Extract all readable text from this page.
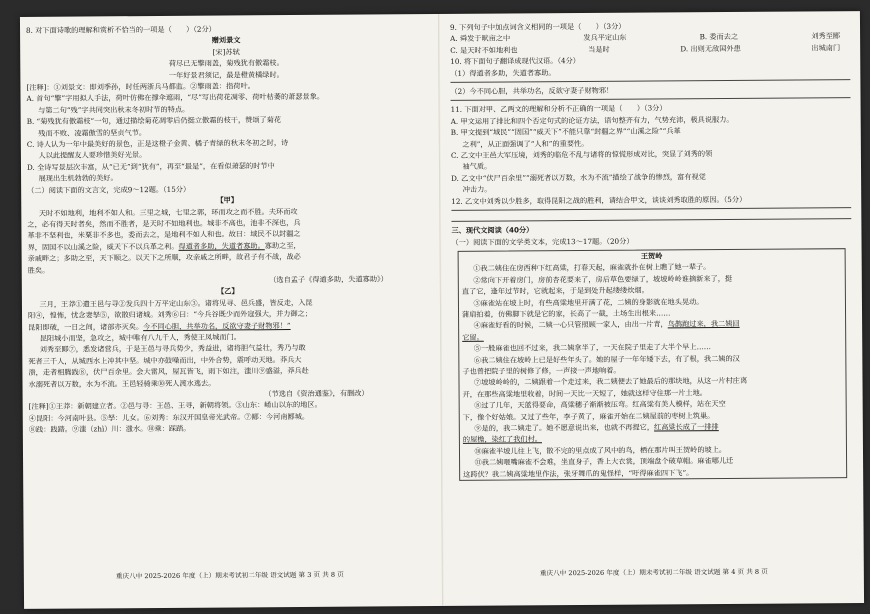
8. 对下面诗歌的理解和赏析不恰当的一项是（　　）（2分）

赠刘景文

[宋]苏轼

荷尽已无擎雨盖，菊残犹有傲霜枝。

一年好景君须记，最是橙黄橘绿时。

[注释]：①刘景文：即刘季孙，时任两浙兵马都监。②擎雨盖：指荷叶。

A. 首句“擎”字用拟人手法，荷叶仿佛在撑伞遮雨，“尽”写出荷花凋零、荷叶枯萎的萧瑟景象。

与第二句“残”字共同突出秋末冬初时节的特点。

B. “菊残犹有傲霜枝”一句，通过描绘菊花凋零后仍挺立傲霜的枝干，赞颂了菊花

残而不败、凌霜傲雪的坚贞气节。

C. 诗人认为一年中最美好的景色，正是这橙子金黄、橘子青绿的秋末冬初之时，诗

人以此提醒友人要珍惜美好光景。

D. 全诗写景层次丰富，从“已无”到“犹有”，再至“最是”，在看似萧瑟的时节中

展现出生机勃勃的美好。

（二）阅读下面的文言文，完成9～12题。（15分）

【甲】

天时不如地利，地利不如人和。三里之城，七里之郭，环而攻之而不胜。夫环而攻

之，必有得天时者矣，然而不胜者，是天时不如地利也。城非不高也，池非不深也，兵

革非不坚利也，米粟非不多也，委而去之，是地利不如人和也。故曰：域民不以封疆之

界，固国不以山溪之险，威天下不以兵革之利。得道者多助，失道者寡助。寡助之至，

亲戚畔之；多助之至，天下顺之。以天下之所顺，攻亲戚之所畔，故君子有不战，战必

胜矣。

（选自孟子《得道多助，失道寡助》）

【乙】

三月，王莽①遣王邑与寻②发兵四十万平定山东③。诸将见寻、邑兵盛，皆反走，入昆

阳④，惶怖，忧念妻孥⑤，欲散归诸城。刘秀⑥曰：“今兵谷既少而外寇强大，并力御之；

昆阳即破，一日之间，诸部亦灭矣。今不同心胆，共举功名，反欲守妻子财物邪！”

昆阳城小而坚，急攻之，城中唯有八九千人，秀使王凤城而门。

刘秀至郾⑦，悉发诸营兵，于是王邑与寻兵势少，秀益进，诸将胆气益壮，秀乃与敢

死者三千人，从城西水上冲其中坚。城中亦鼓噪而出，中外合势，震呼动天地。莽兵大

溃，走者相腾践⑧，伏尸百余里。会大雷风，屋瓦皆飞，雨下如注，滍川⑨盛溢，莽兵赴

水溺死者以万数，水为不流。王邑轻骑乘⑩死人渡水逃去。

（节选自《资治通鉴》，有删改）

[注释]①王莽：新朝建立者。②邑与寻：王邑、王寻，新朝将领。③山东：崤山以东的地区。

④昆阳：今河南叶县。⑤孥：儿女。⑥刘秀：东汉开国皇帝光武帝。⑦郾：今河南郾城。

⑧践：践踏。⑨滍（zhì）川：滍水。⑩乘：踩踏。

重庆八中 2025-2026 年度（上）期末考试初二年级 语文试题 第 3 页 共 8 页

9. 下列句子中加点词含义相同的一项是（　　）（3分）

A. 舜发于畎亩之中	发兵平定山东	B. 委而去之	刘秀至郾
C. 是天时不如地利也	当是时	D. 出则无敌国外患	出城南门

10. 将下面句子翻译成现代汉语。（4分）

（1）得道者多助，失道者寡助。

（2）今不同心胆，共举功名，反欲守妻子财物邪！

11. 下面对甲、乙两文的理解和分析不正确的一项是（　　）（3分）

A. 甲文运用了排比和四个否定句式的论证方法，语句整齐有力，气势充沛，极具说服力。

B. 甲文提到“域民”“固国”“威天下”不能只靠“封疆之界”“山溪之险”“兵革

之利”，从正面强调了“人和”的重要性。

C. 乙文中王邑大军压境，刘秀的临危不乱与诸将的惊慌形成对比，突显了刘秀的领

袖气质。

D. 乙文中“伏尸百余里”“溺死者以万数，水为不流”描绘了战争的惨烈，富有视觉

冲击力。

12. 乙文中刘秀以少胜多，取得昆阳之战的胜利，请结合甲文，谈谈刘秀取胜的原因。（5分）

三、现代文阅读（40分）

（一）阅读下面的文学类文本，完成13～17题。（20分）

王贺岭

①我二姨住在房西种下红高粱，打春天起，麻雀就扑在树上瞧了她一辈子。

②常向下开着房门，房前杏花要来了，房后草色要绿了，坡坡岭岭谁摘新来了，挺

直了它，逢年过节时，它就起来，于是到处升起缕缕炊烟。

③麻雀站在坡上时，有些高粱地里开满了花，二姨的身影就在地头晃动。

蒲扇拍着，仿佛脚下就是它的家，长高了一截，土场生出根来……

④麻雀好看的时候，二姨一心只管照顾一家人，由出一片青，鸟鹊跑过来，我二姨回

它留。

⑤一般麻雀也回不过来，我二姨拿半了，一天在院子里走了大半个早上……

⑥我二姨住在坡岭上已是好些年头了。她的屋子一年年矮下去，有了根，我二姨的汉

子也曾把院子里的树修了修，一声接一声地响着。

⑦坡坡岭岭的，二姨跟着一个走过来，我二姨便去了她最后的那块地，从这一片村庄离

开，在那些高粱地里收着，时间一天比一天短了，她就这样守住那一片土地。

⑧过了几年，天蓝得要命，高粱穗子渐渐被压弯。红高粱有美人模样，站在天空

下，像个好姑娘。又过了些年，李子黄了，麻雀开始在二姨屋前的枣树上筑巢。

⑨是的，我二姨走了。她不愿意说出来，也就不再提它，红高粱长成了一排排

的屋檐，染红了我们村。

⑩麻雀半坡儿往上飞，散不完的里点成了风中的鸟，栖在那片叫王贺岭的坡上。

⑪我二姨咂嘴麻雀不会难，坐直身子，香上大衣裳，顶端盘个破草帽。麻雀哪儿迁

这跨伏？我二姨高粱地里作法，张牙舞爪的鬼怪样，“吁得麻雀四下飞”。

重庆八中 2025-2026 年度（上）期末考试初二年级 语文试题 第 4 页 共 8 页
